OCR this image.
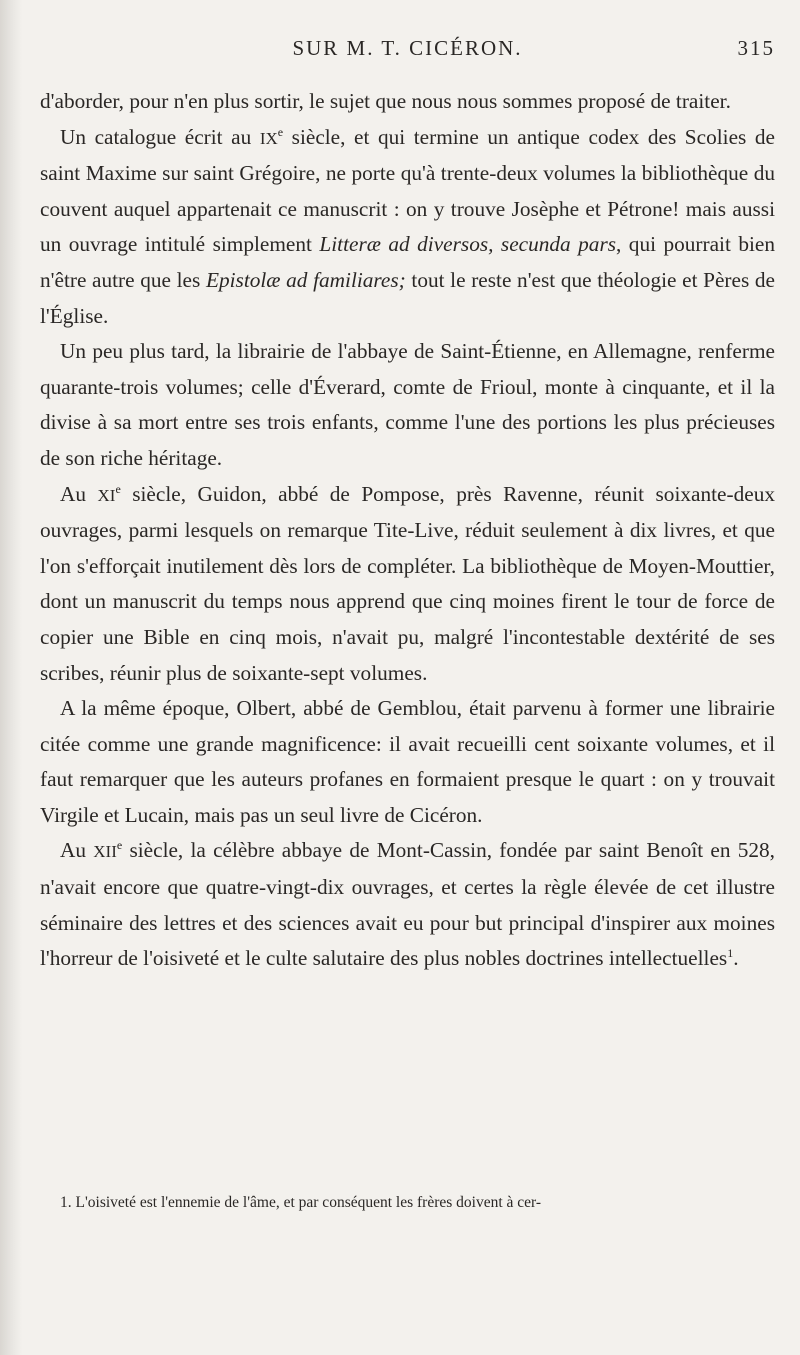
SUR M. T. CICÉRON.	315

d'aborder, pour n'en plus sortir, le sujet que nous nous sommes proposé de traiter.

Un catalogue écrit au IXe siècle, et qui termine un antique codex des Scolies de saint Maxime sur saint Grégoire, ne porte qu'à trente-deux volumes la bibliothèque du couvent auquel appartenait ce manuscrit : on y trouve Josèphe et Pétrone! mais aussi un ouvrage intitulé simplement Litteræ ad diversos, secunda pars, qui pourrait bien n'être autre que les Epistolæ ad familiares; tout le reste n'est que théologie et Pères de l'Église.

Un peu plus tard, la librairie de l'abbaye de Saint-Étienne, en Allemagne, renferme quarante-trois volumes; celle d'Éverard, comte de Frioul, monte à cinquante, et il la divise à sa mort entre ses trois enfants, comme l'une des portions les plus précieuses de son riche héritage.

Au XIe siècle, Guidon, abbé de Pompose, près Ravenne, réunit soixante-deux ouvrages, parmi lesquels on remarque Tite-Live, réduit seulement à dix livres, et que l'on s'efforçait inutilement dès lors de compléter. La bibliothèque de Moyen-Mouttier, dont un manuscrit du temps nous apprend que cinq moines firent le tour de force de copier une Bible en cinq mois, n'avait pu, malgré l'incontestable dextérité de ses scribes, réunir plus de soixante-sept volumes.

A la même époque, Olbert, abbé de Gemblou, était parvenu à former une librairie citée comme une grande magnificence: il avait recueilli cent soixante volumes, et il faut remarquer que les auteurs profanes en formaient presque le quart : on y trouvait Virgile et Lucain, mais pas un seul livre de Cicéron.

Au XIIe siècle, la célèbre abbaye de Mont-Cassin, fondée par saint Benoît en 528, n'avait encore que quatre-vingt-dix ouvrages, et certes la règle élevée de cet illustre séminaire des lettres et des sciences avait eu pour but principal d'inspirer aux moines l'horreur de l'oisiveté et le culte salutaire des plus nobles doctrines intellectuelles$^1$.

1. L'oisiveté est l'ennemie de l'âme, et par conséquent les frères doivent à cer-
